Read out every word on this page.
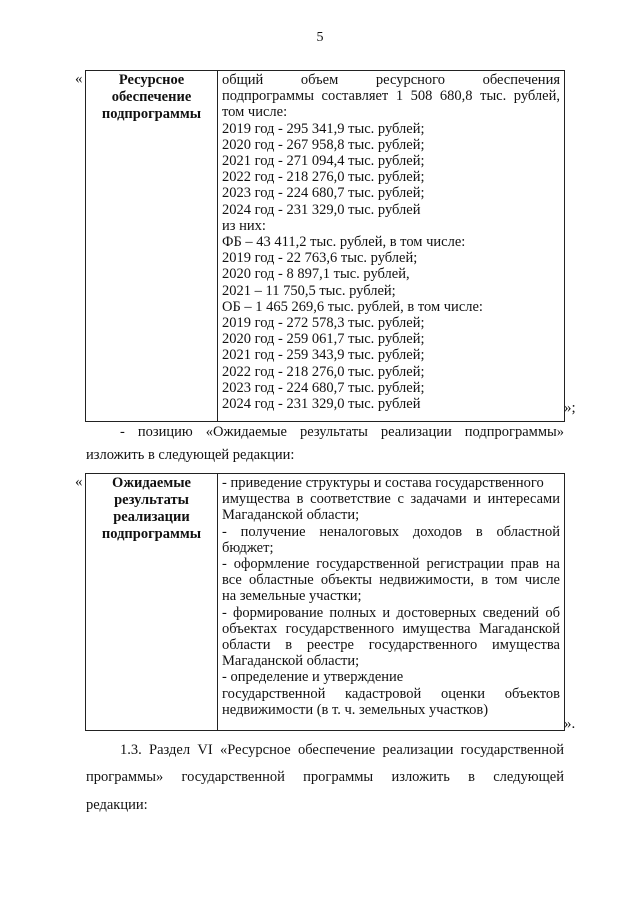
5
«	Ресурсное обеспечение подпрограммы	
общий объем ресурсного обеспечения
подпрограммы составляет 1 508 680,8 тыс. рублей,
том числе:
2019 год - 295 341,9 тыс. рублей;
2020 год - 267 958,8 тыс. рублей;
2021 год - 271 094,4 тыс. рублей;
2022 год - 218 276,0 тыс. рублей;
2023 год - 224 680,7 тыс. рублей;
2024 год - 231 329,0 тыс. рублей
из них:
ФБ – 43 411,2 тыс. рублей, в том числе:
2019 год - 22 763,6 тыс. рублей;
2020 год - 8 897,1 тыс. рублей,
2021 – 11 750,5 тыс. рублей;
ОБ – 1 465 269,6 тыс. рублей, в том числе:
2019 год - 272 578,3 тыс. рублей;
2020 год - 259 061,7 тыс. рублей;
2021 год - 259 343,9 тыс. рублей;
2022 год - 218 276,0 тыс. рублей;
2023 год - 224 680,7 тыс. рублей;
2024 год - 231 329,0 тыс. рублей	»;
- позицию «Ожидаемые результаты реализации подпрограммы»
изложить в следующей редакции:
« Ожидаемые результаты реализации подпрограммы	
- приведение структуры и состава государственного
имущества в соответствие с задачами и интересами
Магаданской области;
- получение неналоговых доходов в областной
бюджет;
- оформление государственной регистрации прав на
все областные объекты недвижимости, в том числе
на земельные участки;
- формирование полных и достоверных сведений об
объектах государственного имущества Магаданской
области в реестре государственного имущества
Магаданской области;
- определение и утверждение
государственной кадастровой оценки объектов
недвижимости (в т. ч. земельных участков)
».
1.3. Раздел VI «Ресурсное обеспечение реализации государственной
программы» государственной программы изложить в следующей
редакции:
